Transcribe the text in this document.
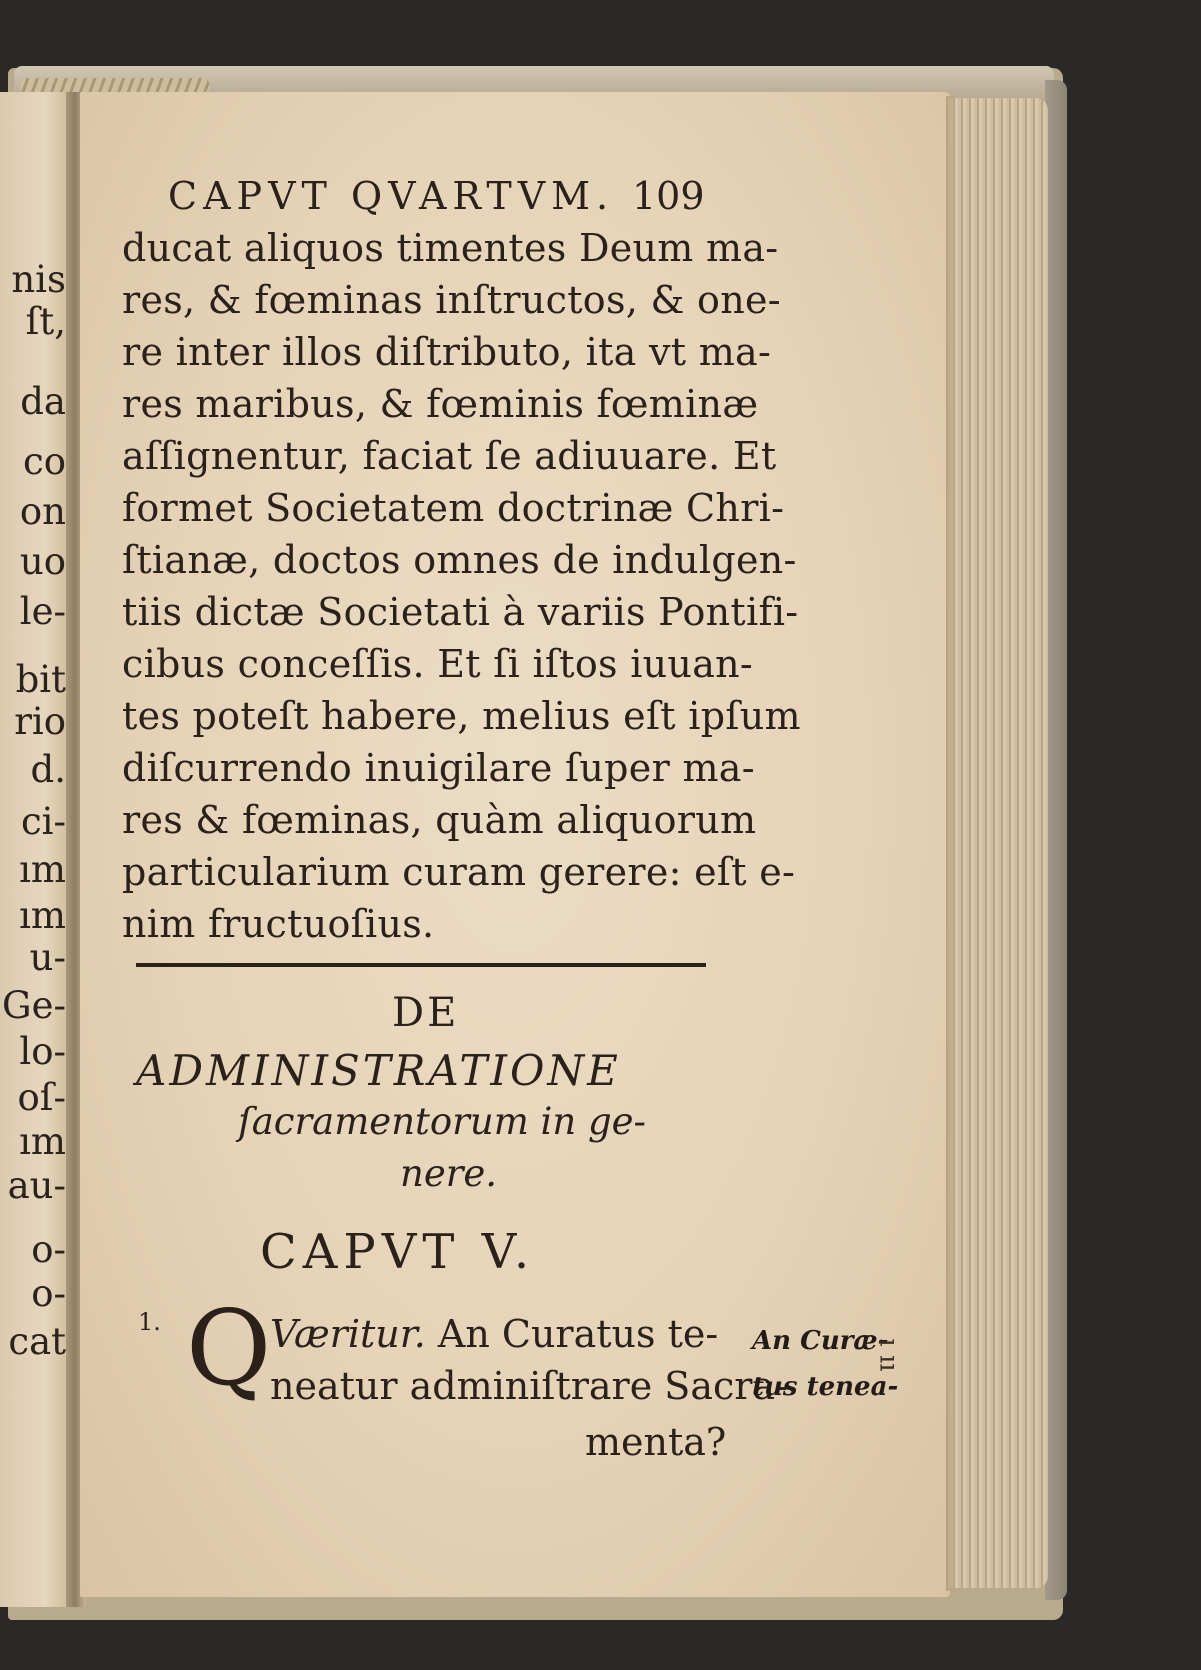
nis
ſt,
da
co
on
uo
le-
bit
rio
d.
ci-
ım
ım
u-
Ge-
lo-
oſ-
ım
au-
o-
o-
cat
CAPVT QVARTVM. 109
ducat aliquos timentes Deum ma-
res, & fœminas inſtructos, & one-
re inter illos diſtributo, ita vt ma-
res maribus, & fœminis fœminæ
aſſignentur, faciat ſe adiuuare. Et
formet Societatem doctrinæ Chri-
ſtianæ, doctos omnes de indulgen-
tiis dictæ Societati à variis Pontifi-
cibus conceſſis. Et ſi iſtos iuuan-
tes poteſt habere, melius eſt ipſum
diſcurrendo inuigilare ſuper ma-
res & fœminas, quàm aliquorum
particularium curam gerere: eſt e-
nim fructuoſius.
DE
ADMINISTRATIONE
ſacramentorum in ge-
nere.
CAPVT V.
1. Q
Væritur. An Curatus te-
neatur adminiſtrare Sacra-
menta?
An Curæ-
tus tenea-
ı ıı
